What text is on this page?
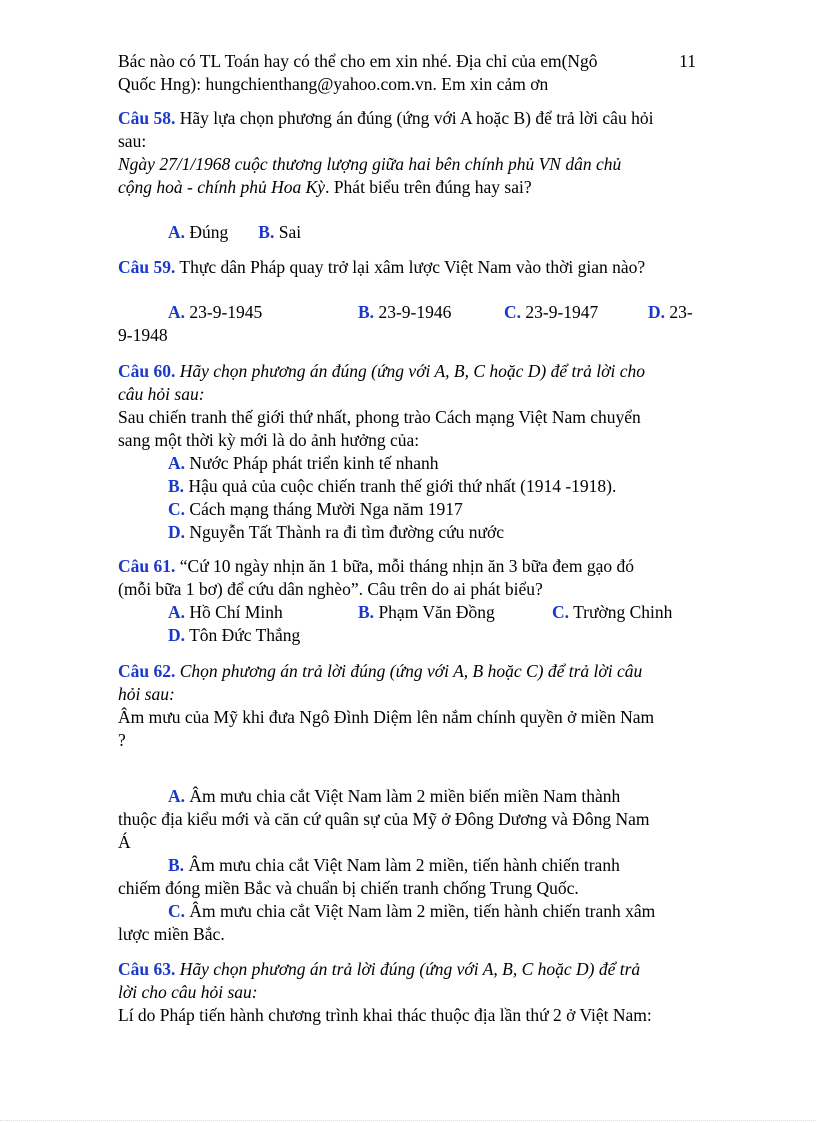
Bác nào có TL Toán hay có thể cho em xin nhé. Địa chỉ của em(Ngô
Quốc Hng): hungchienthang@yahoo.com.vn. Em xin cảm ơn
11
Câu 58. Hãy lựa chọn phương án đúng (ứng với A hoặc B) để trả lời câu hỏi
sau:
Ngày 27/1/1968 cuộc thương lượng giữa hai bên chính phủ VN dân chủ
cộng hoà - chính phủ Hoa Kỳ. Phát biểu trên đúng hay sai?
A. Đúng B. Sai
Câu 59. Thực dân Pháp quay trở lại xâm lược Việt Nam vào thời gian nào?
A. 23-9-1945	B. 23-9-1946	C. 23-9-1947	D. 23-
9-1948
Câu 60. Hãy chọn phương án đúng (ứng với A, B, C hoặc D) để trả lời cho
câu hỏi sau:
Sau chiến tranh thế giới thứ nhất, phong trào Cách mạng Việt Nam chuyển
sang một thời kỳ mới là do ảnh hưởng của:
A. Nước Pháp phát triển kinh tế nhanh
B. Hậu quả của cuộc chiến tranh thế giới thứ nhất (1914 -1918).
C. Cách mạng tháng Mười Nga năm 1917
D. Nguyễn Tất Thành ra đi tìm đường cứu nước
Câu 61. “Cứ 10 ngày nhịn ăn 1 bữa, mỗi tháng nhịn ăn 3 bữa đem gạo đó
(mỗi bữa 1 bơ) để cứu dân nghèo”. Câu trên do ai phát biểu?
A. Hồ Chí Minh	B. Phạm Văn Đồng	C. Trường Chinh
D. Tôn Đức Thắng
Câu 62. Chọn phương án trả lời đúng (ứng với A, B hoặc C) để trả lời câu
hỏi sau:
Âm mưu của Mỹ khi đưa Ngô Đình Diệm lên nắm chính quyền ở miền Nam
?
A. Âm mưu chia cắt Việt Nam làm 2 miền biến miền Nam thành
thuộc địa kiểu mới và căn cứ quân sự của Mỹ ở Đông Dương và Đông Nam
Á
B. Âm mưu chia cắt Việt Nam làm 2 miền, tiến hành chiến tranh
chiếm đóng miền Bắc và chuẩn bị chiến tranh chống Trung Quốc.
C. Âm mưu chia cắt Việt Nam làm 2 miền, tiến hành chiến tranh xâm
lược miền Bắc.
Câu 63. Hãy chọn phương án trả lời đúng (ứng với A, B, C hoặc D) để trả
lời cho câu hỏi sau:
Lí do Pháp tiến hành chương trình khai thác thuộc địa lần thứ 2 ở Việt Nam:
